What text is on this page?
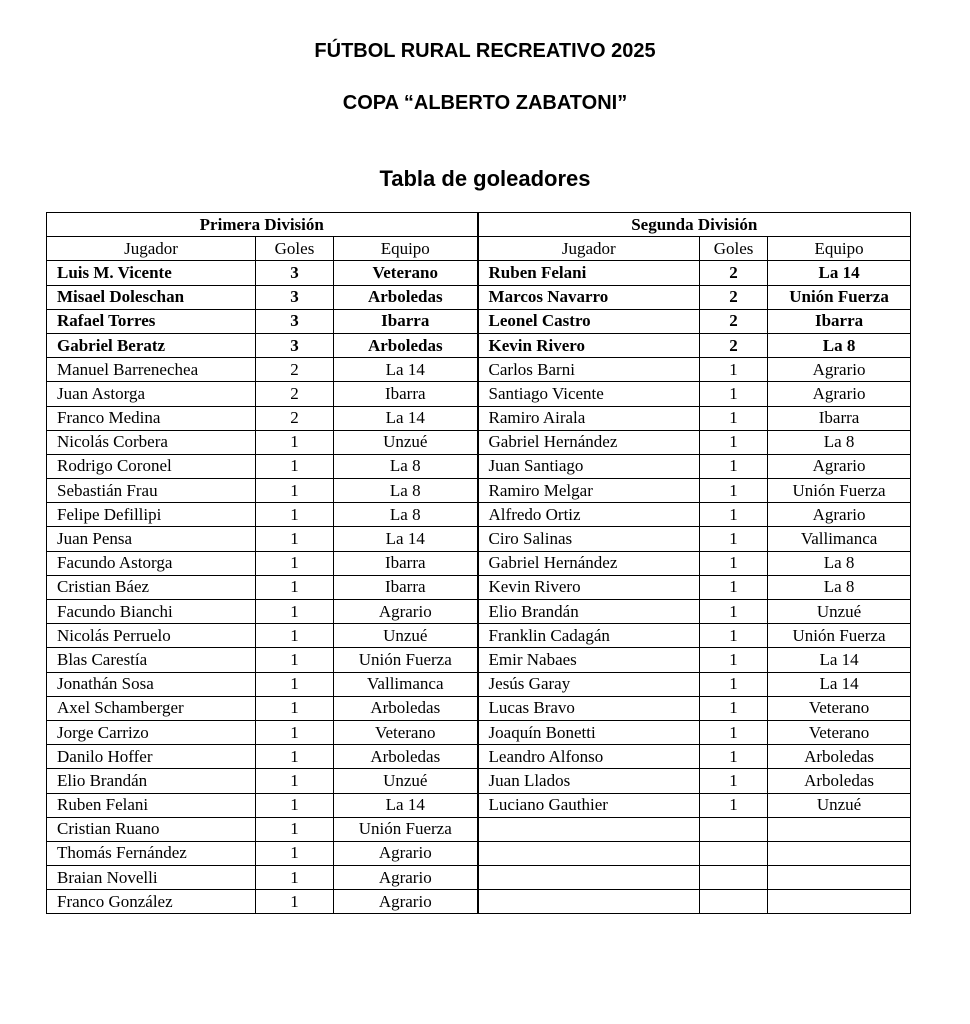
FÚTBOL RURAL RECREATIVO 2025
COPA “ALBERTO ZABATONI”
Tabla de goleadores
Primera División			Segunda División		
Jugador	Goles	Equipo	Jugador	Goles	Equipo
Luis M. Vicente	3	Veterano	Ruben Felani	2	La 14
Misael Doleschan	3	Arboledas	Marcos Navarro	2	Unión Fuerza
Rafael Torres	3	Ibarra	Leonel Castro	2	Ibarra
Gabriel Beratz	3	Arboledas	Kevin Rivero	2	La 8
Manuel Barrenechea	2	La 14	Carlos Barni	1	Agrario
Juan Astorga	2	Ibarra	Santiago Vicente	1	Agrario
Franco Medina	2	La 14	Ramiro Airala	1	Ibarra
Nicolás Corbera	1	Unzué	Gabriel Hernández	1	La 8
Rodrigo Coronel	1	La 8	Juan Santiago	1	Agrario
Sebastián Frau	1	La 8	Ramiro Melgar	1	Unión Fuerza
Felipe Defillipi	1	La 8	Alfredo Ortiz	1	Agrario
Juan Pensa	1	La 14	Ciro Salinas	1	Vallimanca
Facundo Astorga	1	Ibarra	Gabriel Hernández	1	La 8
Cristian Báez	1	Ibarra	Kevin Rivero	1	La 8
Facundo Bianchi	1	Agrario	Elio Brandán	1	Unzué
Nicolás Perruelo	1	Unzué	Franklin Cadagán	1	Unión Fuerza
Blas Carestía	1	Unión Fuerza	Emir Nabaes	1	La 14
Jonathán Sosa	1	Vallimanca	Jesús Garay	1	La 14
Axel Schamberger	1	Arboledas	Lucas Bravo	1	Veterano
Jorge Carrizo	1	Veterano	Joaquín Bonetti	1	Veterano
Danilo Hoffer	1	Arboledas	Leandro Alfonso	1	Arboledas
Elio Brandán	1	Unzué	Juan Llados	1	Arboledas
Ruben Felani	1	La 14	Luciano Gauthier	1	Unzué
Cristian Ruano	1	Unión Fuerza			
Thomás Fernández	1	Agrario			
Braian Novelli	1	Agrario			
Franco González	1	Agrario			
